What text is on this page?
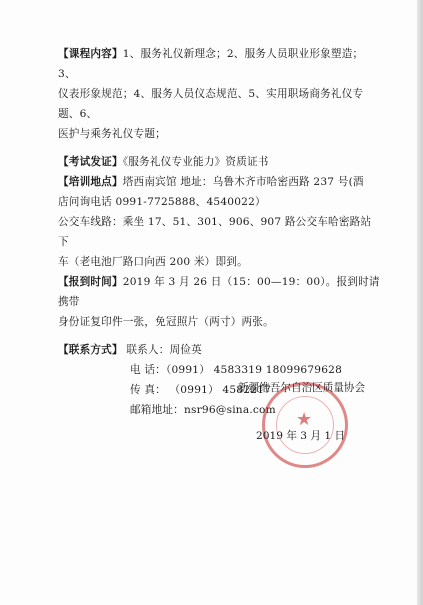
【课程内容】1、服务礼仪新理念；2、服务人员职业形象塑造；3、
仪表形象规范；4、服务人员仪态规范、5、实用职场商务礼仪专题、6、
医护与乘务礼仪专题；
【考试发证】《服务礼仪专业能力》资质证书
【培训地点】塔西南宾馆 地址：乌鲁木齐市哈密西路 237 号(酒
店问询电话 0991-7725888、4540022）
公交车线路：乘坐 17、51、301、906、907 路公交车哈密路站下
车（老电池厂路口向西 200 米）即到。
【报到时间】2019 年 3 月 26 日（15：00—19：00）。报到时请携带
身份证复印件一张，免冠照片（两寸）两张。
【联系方式】 联系人：周俭英
电 话：（0991） 4583319 18099679628
传 真： （0991） 4582217
邮箱地址：nsr96@sina.com	★
新疆维吾尔自治区质量协会
2019 年 3 月 1 日
